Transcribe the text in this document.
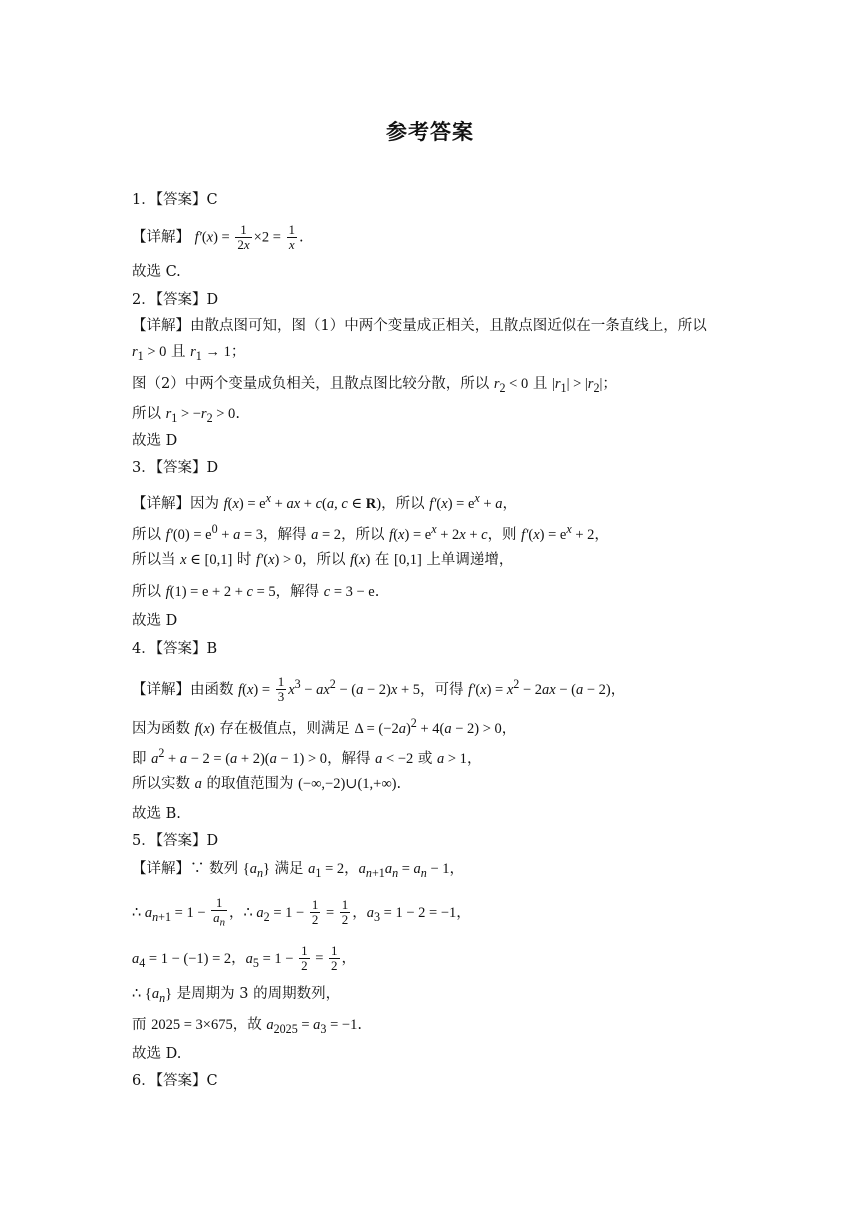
参考答案
1．【答案】C
【详解】 $f'(x) = \frac{1}{2x} \times 2 = \frac{1}{x}$ .
故选 C.
2．【答案】D
【详解】由散点图可知，图（1）中两个变量成正相关，且散点图近似在一条直线上，所以
$r_1 > 0$ 且 $r_1 \to 1$；
图（2）中两个变量成负相关，且散点图比较分散，所以 $r_2 < 0$ 且 $|r_1| > |r_2|$；
所以 $r_1 > -r_2 > 0$.
故选 D
3．【答案】D
【详解】因为 $f(x) = e^x$ + ax + c(a, c ∈ R)，所以 $f'(x) = e^x + a$，
所以 $f'(0) = e^0 + a = 3$，解得 a = 2，所以 $f(x) = e^x + 2x + c$，则 $f'(x) = e^x + 2$，
所以当 x ∈ [0,1] 时 f′(x) > 0，所以 f(x) 在 [0,1] 上单调递增，
所以 f(1) = e + 2 + c = 5，解得 c = 3 − e.
故选 D
4．【答案】B
【详解】由函数 $f(x) = \frac{1}{3} x^3 - ax^2 - (a - 2)x + 5$，可得 $f'(x) = x^2 - 2ax - (a - 2)$，
因为函数 f(x) 存在极值点，则满足 $\Delta = (-2a)^2 + 4(a - 2) > 0$，
即 $a^2 + a - 2 = (a + 2)(a - 1) > 0$，解得 a < −2 或 a > 1，
所以实数 a 的取值范围为 (−∞,−2)∪(1,+∞).
故选 B.
5．【答案】D
【详解】∵ 数列 $\{a_n\}$ 满足 $a_1 = 2$，$a_{n+1}a_n = a_n - 1$，
∴ $a_{n+1} = 1 - \frac{1}{a_n}$ ，∴ $a_2 = 1 - \frac{1}{2} = \frac{1}{2}$ ，$a_3 = 1 - 2 = -1$，
$a_4 = 1 - (-1) = 2$，$a_5 = 1 - \frac{1}{2} = \frac{1}{2}$ ，
∴ $\{a_n\}$ 是周期为 3 的周期数列，
而 2025 = 3×675，故 $a_{2025} = a_3 = -1$.
故选 D.
6．【答案】C
